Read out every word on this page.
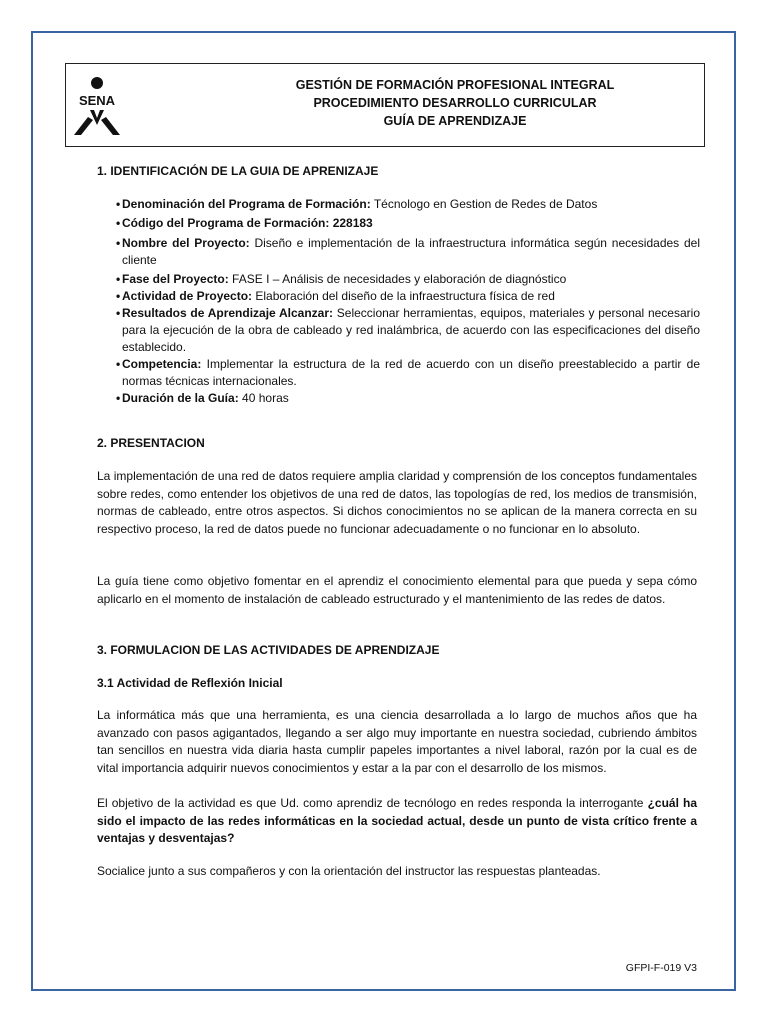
GESTIÓN DE FORMACIÓN PROFESIONAL INTEGRAL
PROCEDIMIENTO DESARROLLO CURRICULAR
GUÍA DE APRENDIZAJE
SENA
1. IDENTIFICACIÓN DE LA GUIA DE APRENIZAJE
• Denominación del Programa de Formación: Técnologo en Gestion de Redes de Datos
• Código del Programa de Formación: 228183
• Nombre del Proyecto: Diseño e implementación de la infraestructura informática según necesidades del cliente
• Fase del Proyecto: FASE I – Análisis de necesidades y elaboración de diagnóstico
• Actividad de Proyecto: Elaboración del diseño de la infraestructura física de red
• Resultados de Aprendizaje Alcanzar: Seleccionar herramientas, equipos, materiales y personal necesario para la ejecución de la obra de cableado y red inalámbrica, de acuerdo con las especificaciones del diseño establecido.
• Competencia: Implementar la estructura de la red de acuerdo con un diseño preestablecido a partir de normas técnicas internacionales.
• Duración de la Guía: 40 horas
2. PRESENTACION

La implementación de una red de datos requiere amplia claridad y comprensión de los conceptos fundamentales sobre redes, como entender los objetivos de una red de datos, las topologías de red, los medios de transmisión, normas de cableado, entre otros aspectos. Si dichos conocimientos no se aplican de la manera correcta en su respectivo proceso, la red de datos puede no funcionar adecuadamente o no funcionar en lo absoluto.

La guía tiene como objetivo fomentar en el aprendiz el conocimiento elemental para que pueda y sepa cómo aplicarlo en el momento de instalación de cableado estructurado y el mantenimiento de las redes de datos.

3. FORMULACION DE LAS ACTIVIDADES DE APRENDIZAJE
3.1 Actividad de Reflexión Inicial

La informática más que una herramienta, es una ciencia desarrollada a lo largo de muchos años que ha avanzado con pasos agigantados, llegando a ser algo muy importante en nuestra sociedad, cubriendo ámbitos tan sencillos en nuestra vida diaria hasta cumplir papeles importantes a nivel laboral, razón por la cual es de vital importancia adquirir nuevos conocimientos y estar a la par con el desarrollo de los mismos.

El objetivo de la actividad es que Ud. como aprendiz de tecnólogo en redes responda la interrogante ¿cuál ha sido el impacto de las redes informáticas en la sociedad actual, desde un punto de vista crítico frente a ventajas y desventajas?

Socialice junto a sus compañeros y con la orientación del instructor las respuestas planteadas.

GFPI-F-019 V3
